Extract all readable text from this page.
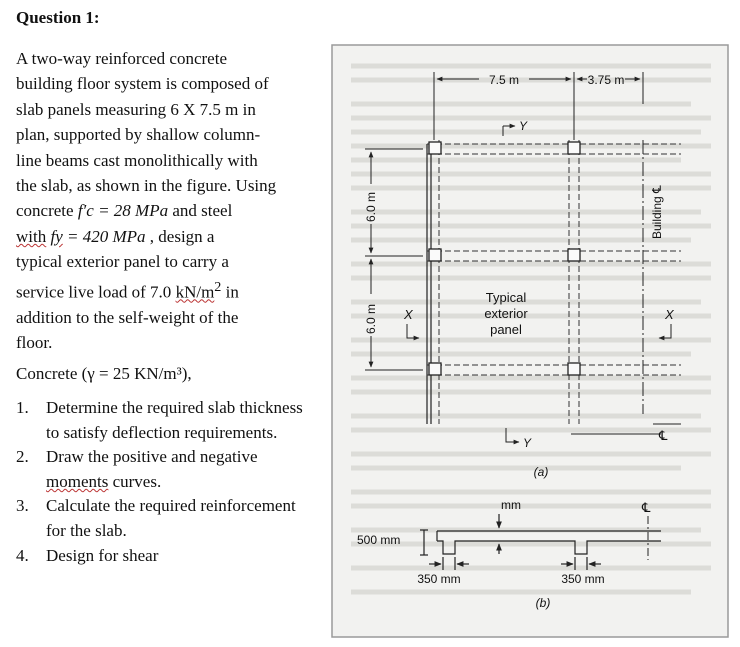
Question 1:
A two-way reinforced concrete
building floor system is composed of
slab panels measuring 6 X 7.5 m in
plan, supported by shallow column-
line beams cast monolithically with
the slab, as shown in the figure. Using
concrete f′c = 28 MPa and steel
with fy = 420 MPa , design a
typical exterior panel to carry a
service live load of 7.0 $kN/m^2$ in
addition to the self-weight of the
floor.
Concrete (γ = 25 KN/m³),
1. Determine the required slab thickness to satisfy deflection requirements.
2. Draw the positive and negative moments curves.
3. Calculate the required reinforcement for the slab.
4. Design for shear
7.5 m	3.75 m
Y
Building ℄
6.0 m
6.0 m X	X
Typical
exterior
panel
Y	℄
(a)
mm	℄
500 mm
350 mm	350 mm
(b)
